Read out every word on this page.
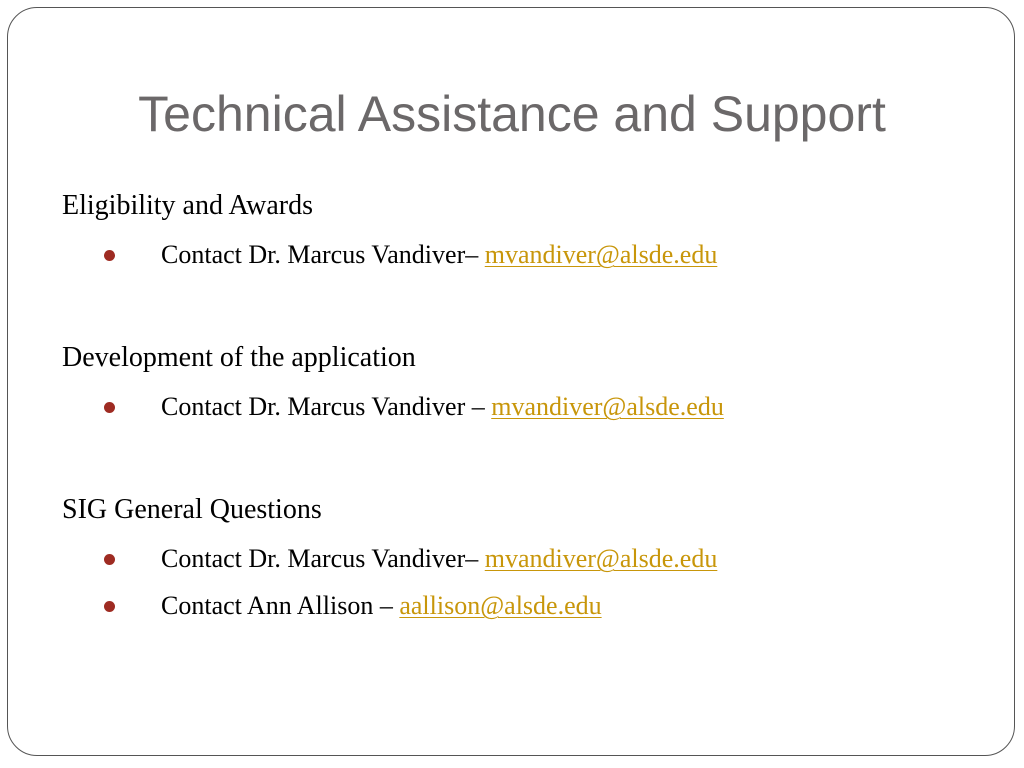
Technical Assistance and Support
Eligibility and Awards
Contact Dr. Marcus Vandiver– mvandiver@alsde.edu
Development of the application
Contact Dr. Marcus Vandiver – mvandiver@alsde.edu
SIG General Questions
Contact Dr. Marcus Vandiver– mvandiver@alsde.edu
Contact Ann Allison – aallison@alsde.edu
